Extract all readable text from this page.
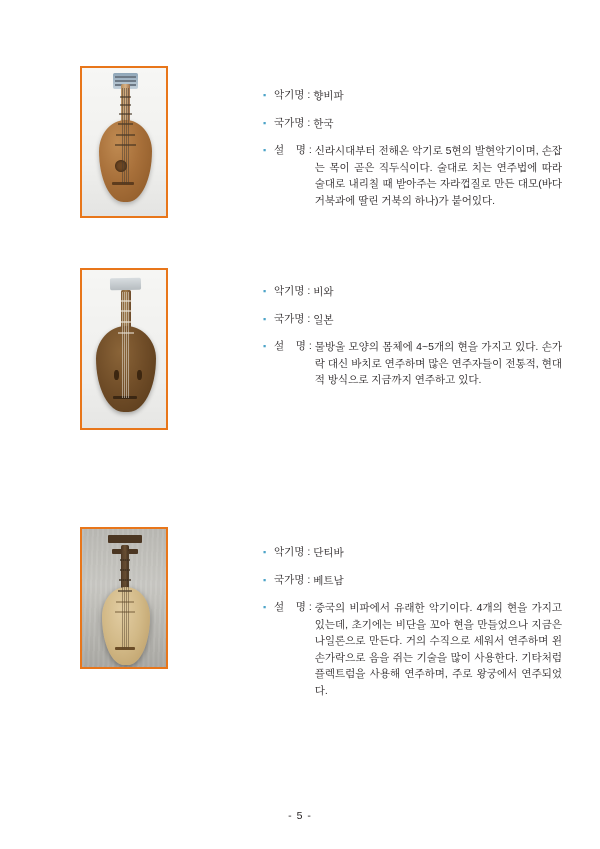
▪ 악기명 : 향비파
▪ 국가명 : 한국
▪ 설    명 : 신라시대부터 전해온 악기로 5현의 발현악기이며, 손잡는 목이 곧은 직두식이다. 술대로 치는 연주법에 따라 술대로 내리칠 때 받아주는 자라껍질로 만든 대모(바다거북과에 딸린 거북의 하나)가 붙어있다.
▪ 악기명 : 비와
▪ 국가명 : 일본
▪ 설    명 : 물방울 모양의 몸체에 4~5개의 현을 가지고 있다. 손가락 대신 바치로 연주하며 많은 연주자들이 전통적, 현대적 방식으로 지금까지 연주하고 있다.
▪ 악기명 : 단티바
▪ 국가명 : 베트남
▪ 설    명 : 중국의 비파에서 유래한 악기이다. 4개의 현을 가지고 있는데, 초기에는 비단을 꼬아 현을 만들었으나 지금은 나일론으로 만든다. 거의 수직으로 세워서 연주하며 왼손가락으로 음을 쥐는 기술을 많이 사용한다. 기타처럼 플렉트럼을 사용해 연주하며, 주로 왕궁에서 연주되었다.
- 5 -
